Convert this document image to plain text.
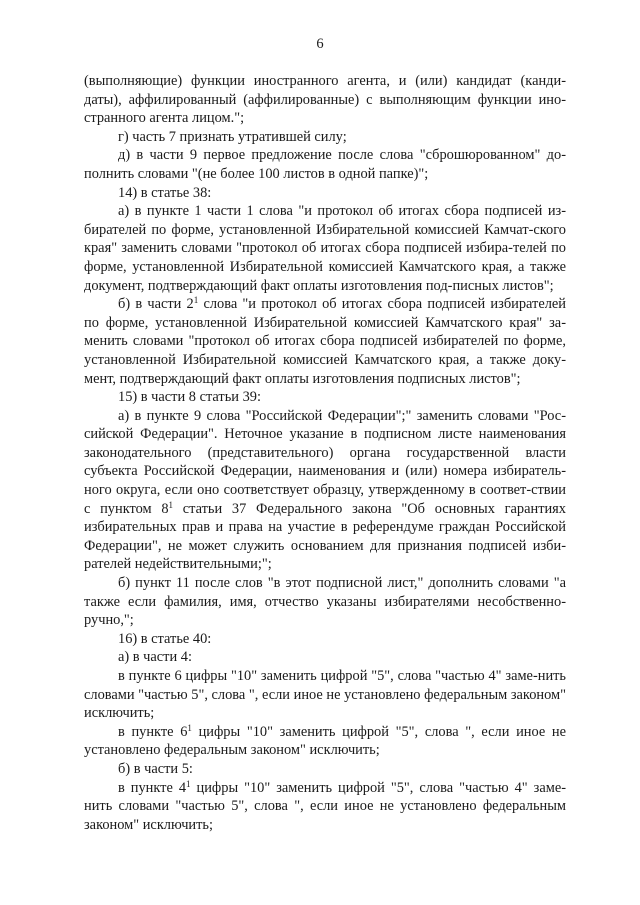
6

(выполняющие) функции иностранного агента, и (или) кандидат (канди-даты), аффилированный (аффилированные) с выполняющим функции ино-странного агента лицом.";

г) часть 7 признать утратившей силу;

д) в части 9 первое предложение после слова "сброшюрованном" до-полнить словами "(не более 100 листов в одной папке)";

14) в статье 38:

а) в пункте 1 части 1 слова "и протокол об итогах сбора подписей из-бирателей по форме, установленной Избирательной комиссией Камчат-ского края" заменить словами "протокол об итогах сбора подписей избира-телей по форме, установленной Избирательной комиссией Камчатского края, а также документ, подтверждающий факт оплаты изготовления под-писных листов";

б) в части $2^1$ слова "и протокол об итогах сбора подписей избирателей по форме, установленной Избирательной комиссией Камчатского края" за-менить словами "протокол об итогах сбора подписей избирателей по форме, установленной Избирательной комиссией Камчатского края, а также доку-мент, подтверждающий факт оплаты изготовления подписных листов";

15) в части 8 статьи 39:

а) в пункте 9 слова "Российской Федерации";" заменить словами "Рос-сийской Федерации". Неточное указание в подписном листе наименования законодательного (представительного) органа государственной власти субъекта Российской Федерации, наименования и (или) номера избиратель-ного округа, если оно соответствует образцу, утвержденному в соответ-ствии с пунктом $8^1$ статьи 37 Федерального закона "Об основных гарантиях избирательных прав и права на участие в референдуме граждан Российской Федерации", не может служить основанием для признания подписей изби-рателей недействительными;";

б) пункт 11 после слов "в этот подписной лист," дополнить словами "а также если фамилия, имя, отчество указаны избирателями несобственно-ручно,";

16) в статье 40:

а) в части 4:

в пункте 6 цифры "10" заменить цифрой "5", слова "частью 4" заме-нить словами "частью 5", слова ", если иное не установлено федеральным законом" исключить;

в пункте $6^1$ цифры "10" заменить цифрой "5", слова ", если иное не установлено федеральным законом" исключить;

б) в части 5:

в пункте $4^1$ цифры "10" заменить цифрой "5", слова "частью 4" заме-нить словами "частью 5", слова ", если иное не установлено федеральным законом" исключить;
